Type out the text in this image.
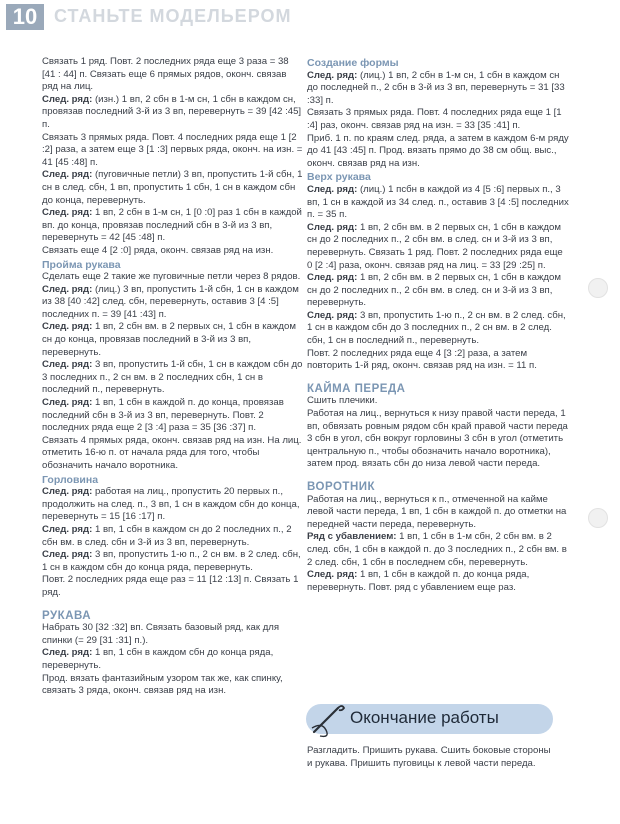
10 СТАНЬТЕ МОДЕЛЬЕРОМ
Связать 1 ряд. Повт. 2 последних ряда еще 3 раза = 38 [41 : 44] п. Связать еще 6 прямых рядов, оконч. связав ряд на лиц.
След. ряд: (изн.) 1 вп, 2 сбн в 1-м сн, 1 сбн в каждом сн, провязав последний 3-й из 3 вп, перевернуть = 39 [42 :45] п.
Связать 3 прямых ряда. Повт. 4 последних ряда еще 1 [2 :2] раза, а затем еще 3 [1 :3] первых ряда, оконч. на изн. = 41 [45 :48] п.
След. ряд: (пуговичные петли) 3 вп, пропустить 1-й сбн, 1 сн в след. сбн, 1 вп, пропустить 1 сбн, 1 сн в каждом сбн до конца, перевернуть.
След. ряд: 1 вп, 2 сбн в 1-м сн, 1 [0 :0] раз 1 сбн в каждой вп. до конца, провязав последний сбн в 3-й из 3 вп, перевернуть = 42 [45 :48] п.
Связать еще 4 [2 :0] ряда, оконч. связав ряд на изн.
Пройма рукава
Сделать еще 2 такие же пуговичные петли через 8 рядов.
След. ряд: (лиц.) 3 вп, пропустить 1-й сбн, 1 сн в каждом из 38 [40 :42] след. сбн, перевернуть, оставив 3 [4 :5] последних п. = 39 [41 :43] п.
След. ряд: 1 вп, 2 сбн вм. в 2 первых сн, 1 сбн в каждом сн до конца, провязав последний в 3-й из 3 вп, перевернуть.
След. ряд: 3 вп, пропустить 1-й сбн, 1 сн в каждом сбн до 3 последних п., 2 сн вм. в 2 последних сбн, 1 сн в последний п., перевернуть.
След. ряд: 1 вп, 1 сбн в каждой п. до конца, провязав последний сбн в 3-й из 3 вп, перевернуть. Повт. 2 последних ряда еще 2 [3 :4] раза = 35 [36 :37] п.
Связать 4 прямых ряда, оконч. связав ряд на изн. На лиц. отметить 16-ю п. от начала ряда для того, чтобы обозначить начало воротника.
Горловина
След. ряд: работая на лиц., пропустить 20 первых п., продолжить на след. п., 3 вп, 1 сн в каждом сбн до конца, перевернуть = 15 [16 :17] п.
След. ряд: 1 вп, 1 сбн в каждом сн до 2 последних п., 2 сбн вм. в след. сбн и 3-й из 3 вп, перевернуть.
След. ряд: 3 вп, пропустить 1-ю п., 2 сн вм. в 2 след. сбн, 1 сн в каждом сбн до конца ряда, перевернуть.
Повт. 2 последних ряда еще раз = 11 [12 :13] п. Связать 1 ряд.
РУКАВА
Набрать 30 [32 :32] вп. Связать базовый ряд, как для спинки (= 29 [31 :31] п.).
След. ряд: 1 вп, 1 сбн в каждом сбн до конца ряда, перевернуть.
Прод. вязать фантазийным узором так же, как спинку, связать 3 ряда, оконч. связав ряд на изн.
Создание формы
След. ряд: (лиц.) 1 вп, 2 сбн в 1-м сн, 1 сбн в каждом сн до последней п., 2 сбн в 3-й из 3 вп, перевернуть = 31 [33 :33] п.
Связать 3 прямых ряда. Повт. 4 последних ряда еще 1 [1 :4] раз, оконч. связав ряд на изн. = 33 [35 :41] п.
Приб. 1 п. по краям след. ряда, а затем в каждом 6-м ряду до 41 [43 :45] п. Прод. вязать прямо до 38 см общ. выс., оконч. связав ряд на изн.
Верх рукава
След. ряд: (лиц.) 1 псбн в каждой из 4 [5 :6] первых п., 3 вп, 1 сн в каждой из 34 след. п., оставив 3 [4 :5] последних п. = 35 п.
След. ряд: 1 вп, 2 сбн вм. в 2 первых сн, 1 сбн в каждом сн до 2 последних п., 2 сбн вм. в след. сн и 3-й из 3 вп, перевернуть. Связать 1 ряд. Повт. 2 последних ряда еще 0 [2 :4] раза, оконч. связав ряд на лиц. = 33 [29 :25] п.
След. ряд: 1 вп, 2 сбн вм. в 2 первых сн, 1 сбн в каждом сн до 2 последних п., 2 сбн вм. в след. сн и 3-й из 3 вп, перевернуть.
След. ряд: 3 вп, пропустить 1-ю п., 2 сн вм. в 2 след. сбн, 1 сн в каждом сбн до 3 последних п., 2 сн вм. в 2 след. сбн, 1 сн в последний п., перевернуть.
Повт. 2 последних ряда еще 4 [3 :2] раза, а затем повторить 1-й ряд, оконч. связав ряд на изн. = 11 п.
КАЙМА ПЕРЕДА
Сшить плечики.
Работая на лиц., вернуться к низу правой части переда, 1 вп, обвязать ровным рядом сбн край правой части переда 3 сбн в угол, сбн вокруг горловины 3 сбн в угол (отметить центральную п., чтобы обозначить начало воротника), затем прод. вязать сбн до низа левой части переда.
ВОРОТНИК
Работая на лиц., вернуться к п., отмеченной на кайме левой части переда, 1 вп, 1 сбн в каждой п. до отметки на передней части переда, перевернуть.
Ряд с убавлением: 1 вп, 1 сбн в 1-м сбн, 2 сбн вм. в 2 след. сбн, 1 сбн в каждой п. до 3 последних п., 2 сбн вм. в 2 след. сбн, 1 сбн в последнем сбн, перевернуть.
След. ряд: 1 вп, 1 сбн в каждой п. до конца ряда, перевернуть. Повт. ряд с убавлением еще раз.
Окончание работы
Разгладить. Пришить рукава. Сшить боковые стороны и рукава. Пришить пуговицы к левой части переда.
